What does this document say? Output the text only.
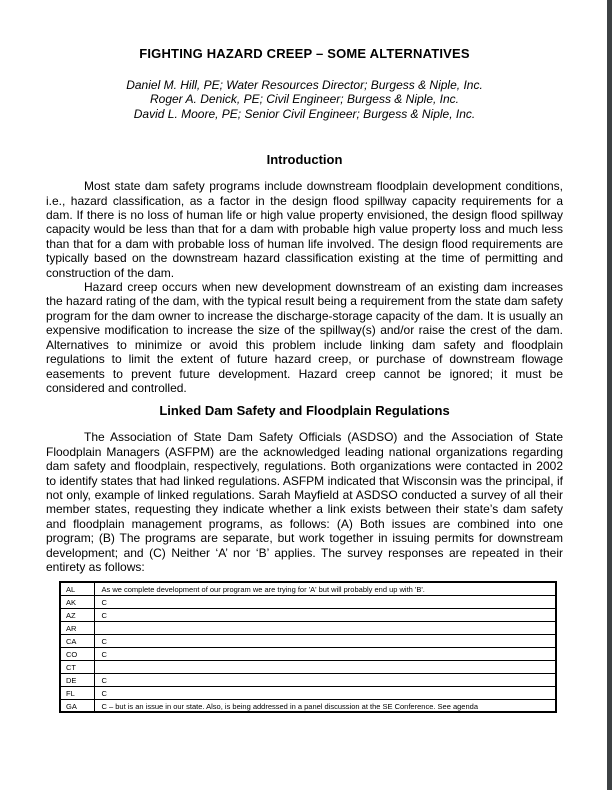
FIGHTING HAZARD CREEP – SOME ALTERNATIVES
Daniel M. Hill, PE; Water Resources Director; Burgess & Niple, Inc.
Roger A. Denick, PE; Civil Engineer; Burgess & Niple, Inc.
David L. Moore, PE; Senior Civil Engineer; Burgess & Niple, Inc.
Introduction

Most state dam safety programs include downstream floodplain development conditions, i.e., hazard classification, as a factor in the design flood spillway capacity requirements for a dam. If there is no loss of human life or high value property envisioned, the design flood spillway capacity would be less than that for a dam with probable high value property loss and much less than that for a dam with probable loss of human life involved. The design flood requirements are typically based on the downstream hazard classification existing at the time of permitting and construction of the dam.

Hazard creep occurs when new development downstream of an existing dam increases the hazard rating of the dam, with the typical result being a requirement from the state dam safety program for the dam owner to increase the discharge-storage capacity of the dam. It is usually an expensive modification to increase the size of the spillway(s) and/or raise the crest of the dam. Alternatives to minimize or avoid this problem include linking dam safety and floodplain regulations to limit the extent of future hazard creep, or purchase of downstream flowage easements to prevent future development. Hazard creep cannot be ignored; it must be considered and controlled.

Linked Dam Safety and Floodplain Regulations

The Association of State Dam Safety Officials (ASDSO) and the Association of State Floodplain Managers (ASFPM) are the acknowledged leading national organizations regarding dam safety and floodplain, respectively, regulations. Both organizations were contacted in 2002 to identify states that had linked regulations. ASFPM indicated that Wisconsin was the principal, if not only, example of linked regulations. Sarah Mayfield at ASDSO conducted a survey of all their member states, requesting they indicate whether a link exists between their state’s dam safety and floodplain management programs, as follows: (A) Both issues are combined into one program; (B) The programs are separate, but work together in issuing permits for downstream development; and (C) Neither ‘A’ nor ‘B’ applies. The survey responses are repeated in their entirety as follows:

AL	As we complete development of our program we are trying for 'A' but will probably end up with 'B'.
AK	C
AZ	C
AR	
CA	C
CO	C
CT	
DE	C
FL	C
GA	C – but is an issue in our state. Also, is being addressed in a panel discussion at the SE Conference. See agenda
